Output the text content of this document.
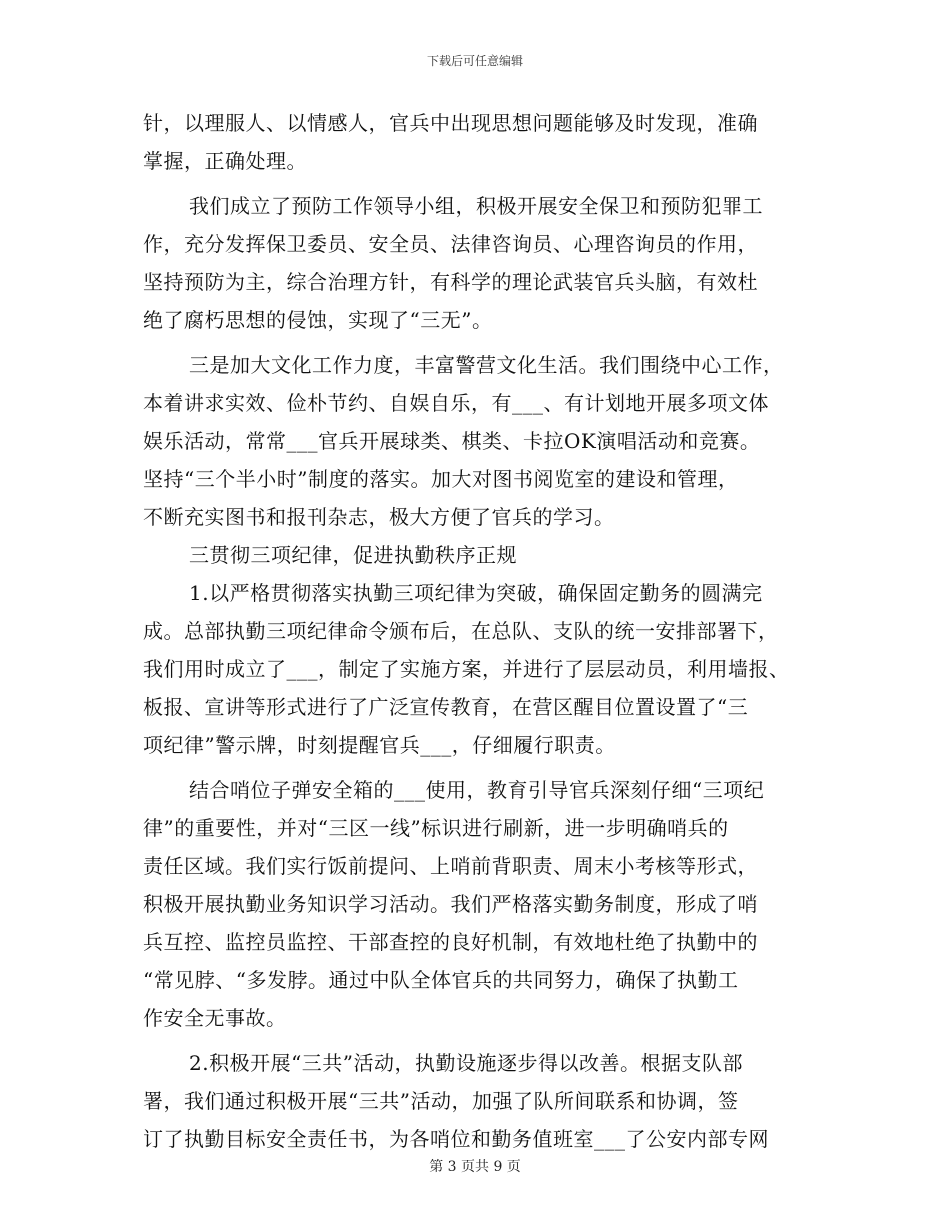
下载后可任意编辑
针，以理服人、以情感人，官兵中出现思想问题能够及时发现，准确
掌握，正确处理。
我们成立了预防工作领导小组，积极开展安全保卫和预防犯罪工
作，充分发挥保卫委员、安全员、法律咨询员、心理咨询员的作用，
坚持预防为主，综合治理方针，有科学的理论武装官兵头脑，有效杜
绝了腐朽思想的侵蚀，实现了“三无”。
三是加大文化工作力度，丰富警营文化生活。我们围绕中心工作，
本着讲求实效、俭朴节约、自娱自乐，有___、有计划地开展多项文体
娱乐活动，常常___官兵开展球类、棋类、卡拉OK演唱活动和竞赛。
坚持“三个半小时”制度的落实。加大对图书阅览室的建设和管理，
不断充实图书和报刊杂志，极大方便了官兵的学习。
三贯彻三项纪律，促进执勤秩序正规
1.以严格贯彻落实执勤三项纪律为突破，确保固定勤务的圆满完
成。总部执勤三项纪律命令颁布后，在总队、支队的统一安排部署下，
我们用时成立了___，制定了实施方案，并进行了层层动员，利用墙报、
板报、宣讲等形式进行了广泛宣传教育，在营区醒目位置设置了“三
项纪律”警示牌，时刻提醒官兵___，仔细履行职责。
结合哨位子弹安全箱的___使用，教育引导官兵深刻仔细“三项纪
律”的重要性，并对“三区一线”标识进行刷新，进一步明确哨兵的
责任区域。我们实行饭前提问、上哨前背职责、周末小考核等形式，
积极开展执勤业务知识学习活动。我们严格落实勤务制度，形成了哨
兵互控、监控员监控、干部查控的良好机制，有效地杜绝了执勤中的
“常见脖、“多发脖。通过中队全体官兵的共同努力，确保了执勤工
作安全无事故。
2.积极开展“三共”活动，执勤设施逐步得以改善。根据支队部
署，我们通过积极开展“三共”活动，加强了队所间联系和协调，签
订了执勤目标安全责任书，为各哨位和勤务值班室___了公安内部专网
第 3 页共 9 页
